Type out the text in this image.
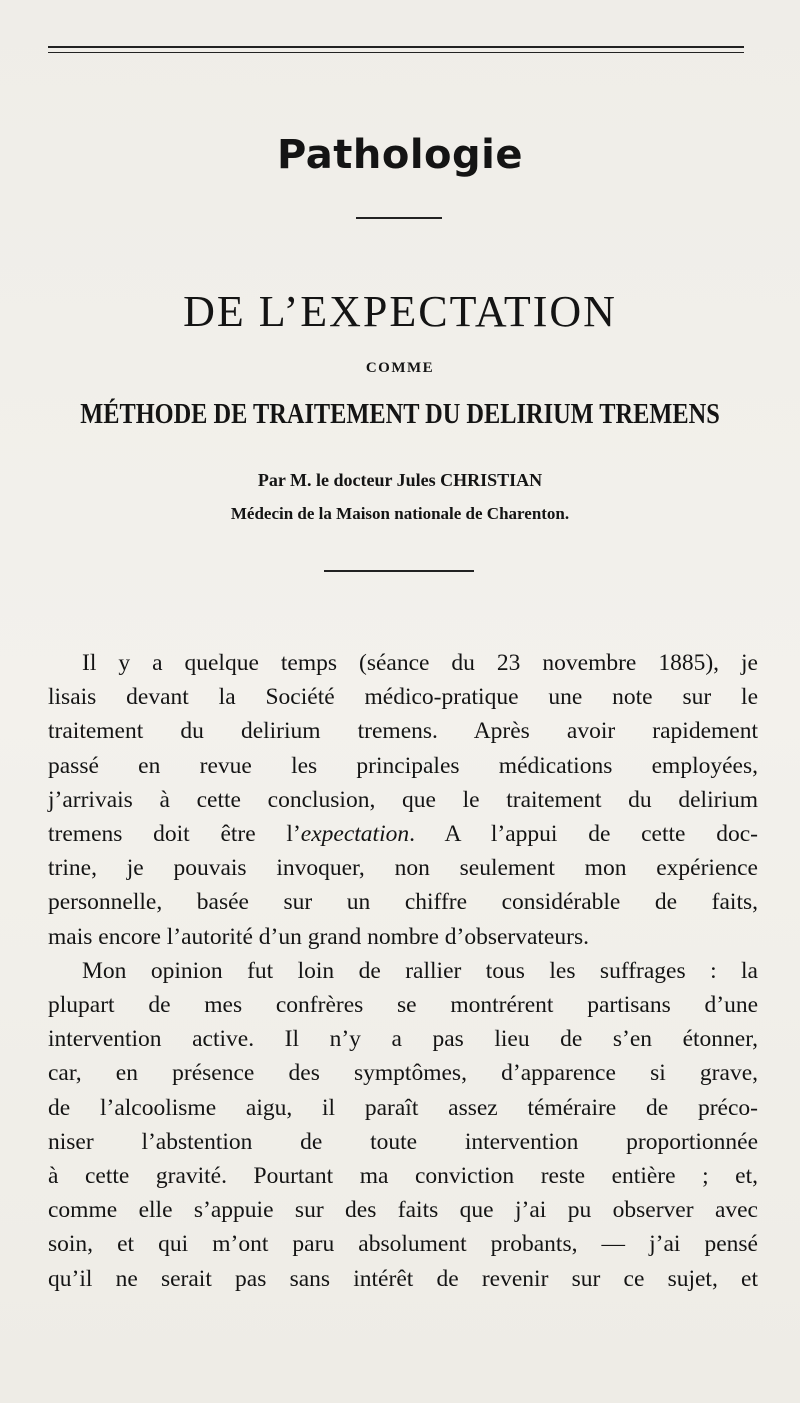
Pathologie
DE L’EXPECTATION
COMME
MÉTHODE DE TRAITEMENT DU DELIRIUM TREMENS
Par M. le docteur Jules CHRISTIAN
Médecin de la Maison nationale de Charenton.
Il y a quelque temps (séance du 23 novembre 1885), je
lisais devant la Société médico-pratique une note sur le
traitement du delirium tremens. Après avoir rapidement
passé en revue les principales médications employées,
j’arrivais à cette conclusion, que le traitement du delirium
tremens doit être l’expectation. A l’appui de cette doc-
trine, je pouvais invoquer, non seulement mon expérience
personnelle, basée sur un chiffre considérable de faits,
mais encore l’autorité d’un grand nombre d’observateurs.
Mon opinion fut loin de rallier tous les suffrages : la
plupart de mes confrères se montrérent partisans d’une
intervention active. Il n’y a pas lieu de s’en étonner,
car, en présence des symptômes, d’apparence si grave,
de l’alcoolisme aigu, il paraît assez téméraire de préco-
niser l’abstention de toute intervention proportionnée
à cette gravité. Pourtant ma conviction reste entière ; et,
comme elle s’appuie sur des faits que j’ai pu observer avec
soin, et qui m’ont paru absolument probants, — j’ai pensé
qu’il ne serait pas sans intérêt de revenir sur ce sujet, et
